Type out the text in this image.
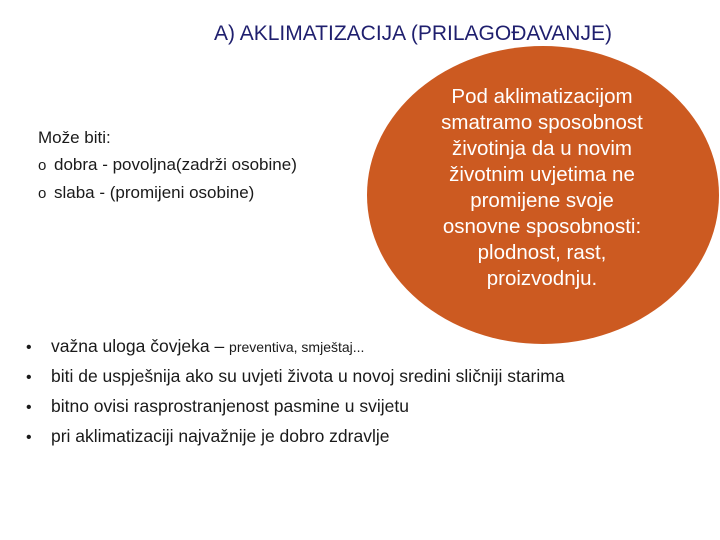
A) AKLIMATIZACIJA (PRILAGOĐAVANJE)
Može biti:
o dobra - povoljna(zadrži osobine)
o slaba - (promijeni osobine)
Pod aklimatizacijom
smatramo sposobnost
životinja da u novim
životnim uvjetima ne
promijene svoje
osnovne sposobnosti:
plodnost, rast,
proizvodnju.
•	važna uloga čovjeka – preventiva, smještaj...
•	biti de uspješnija ako su uvjeti života u novoj sredini sličniji starima
•	bitno ovisi rasprostranjenost pasmine u svijetu
•	pri aklimatizaciji najvažnije je dobro zdravlje
